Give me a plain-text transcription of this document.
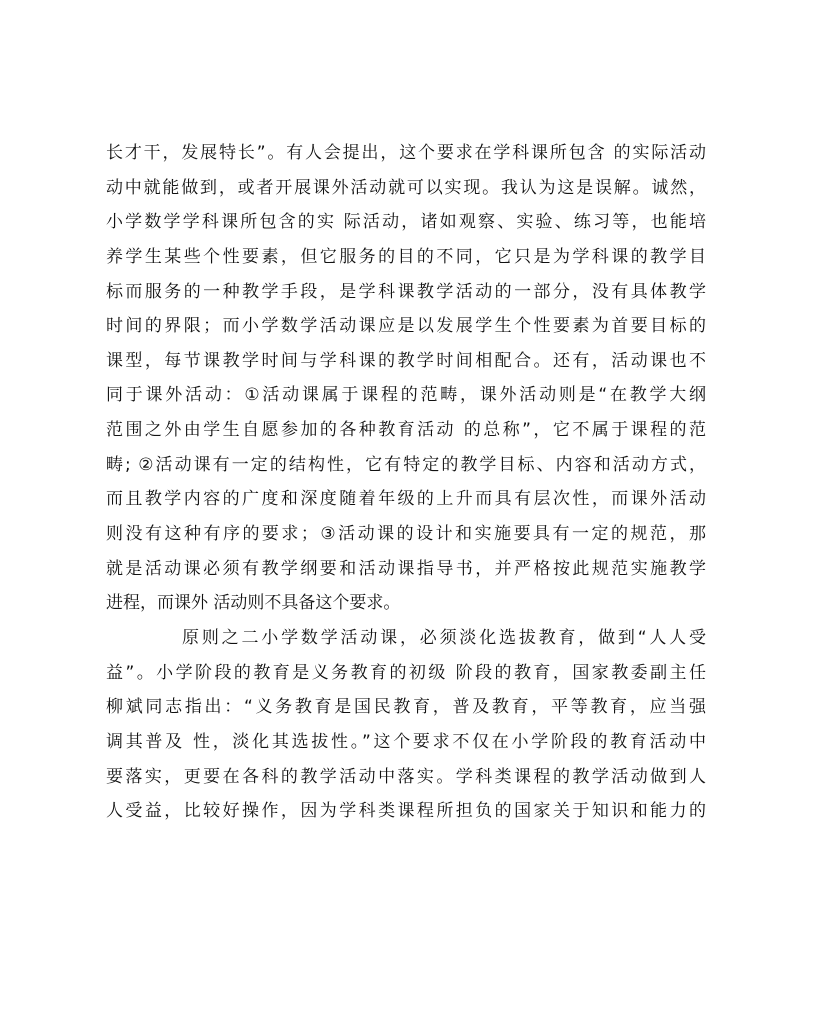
长才干，发展特长”。有人会提出，这个要求在学科课所包含 的实际活动
动中就能做到，或者开展课外活动就可以实现。我认为这是误解。诚然，
小学数学学科课所包含的实 际活动，诸如观察、实验、练习等，也能培
养学生某些个性要素，但它服务的目的不同，它只是为学科课的教学目
标而服务的一种教学手段，是学科课教学活动的一部分，没有具体教学
时间的界限；而小学数学活动课应是以发展学生个性要素为首要目标的
课型，每节课教学时间与学科课的教学时间相配合。还有，活动课也不
同于课外活动：①活动课属于课程的范畴，课外活动则是“在教学大纲
范围之外由学生自愿参加的各种教育活动 的总称”，它不属于课程的范
畴; ②活动课有一定的结构性，它有特定的教学目标、内容和活动方式，
而且教学内容的广度和深度随着年级的上升而具有层次性，而课外活动
则没有这种有序的要求；③活动课的设计和实施要具有一定的规范，那
就是活动课必须有教学纲要和活动课指导书，并严格按此规范实施教学
进程，而课外 活动则不具备这个要求。
原则之二小学数学活动课，必须淡化选拔教育，做到“人人受
益”。小学阶段的教育是义务教育的初级 阶段的教育，国家教委副主任
柳斌同志指出：“义务教育是国民教育，普及教育，平等教育，应当强
调其普及 性，淡化其选拔性。”这个要求不仅在小学阶段的教育活动中
要落实，更要在各科的教学活动中落实。学科类课程的教学活动做到人
人受益，比较好操作，因为学科类课程所担负的国家关于知识和能力的
